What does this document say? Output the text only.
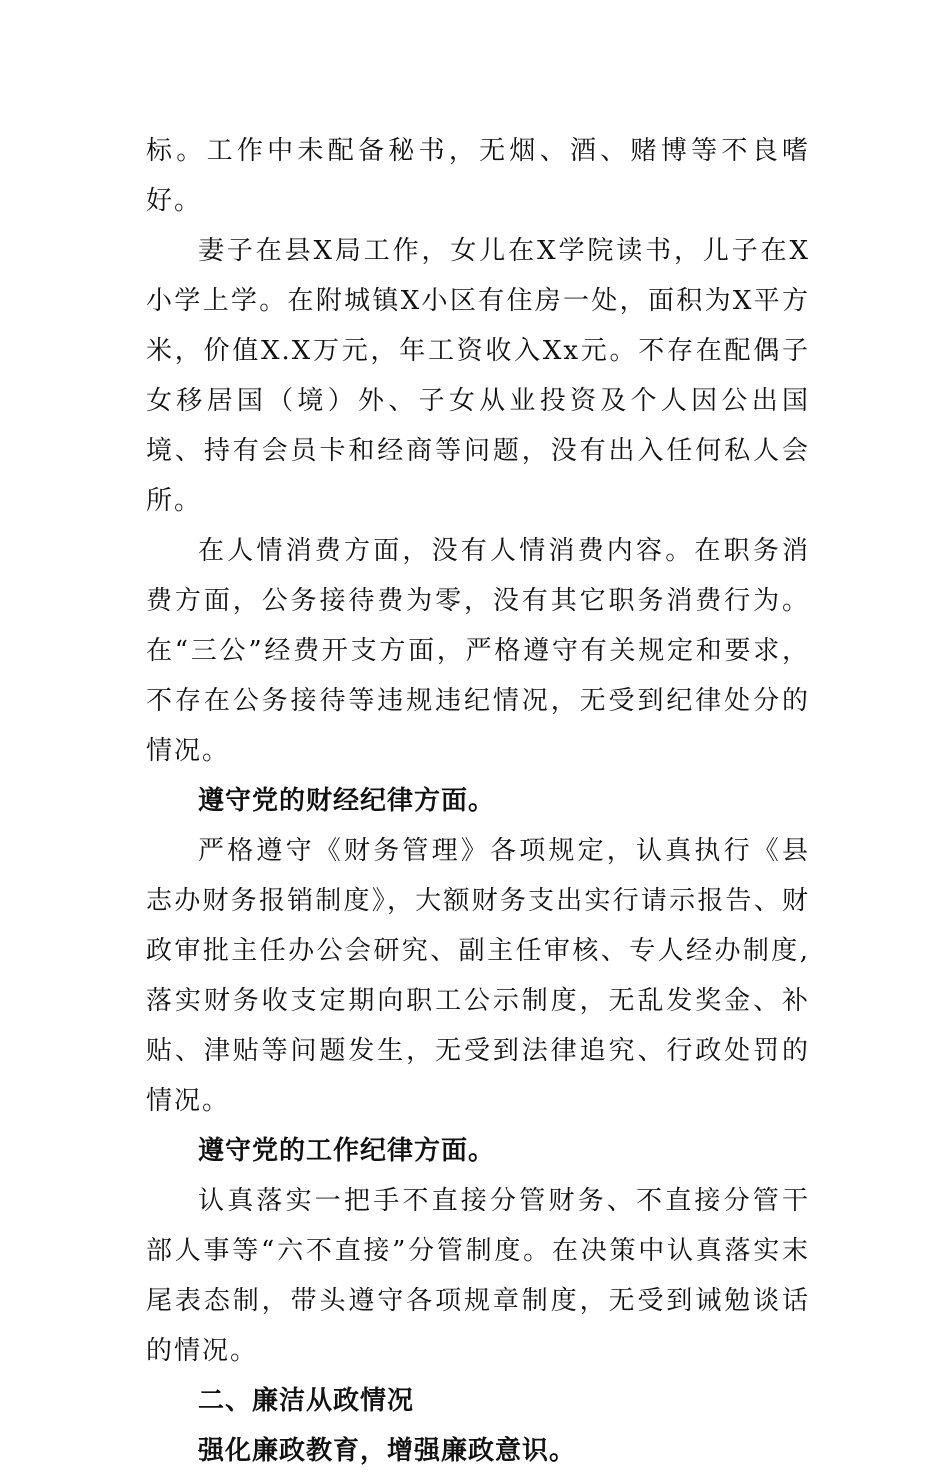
标。工作中未配备秘书，无烟、酒、赌博等不良嗜好。

妻子在县X局工作，女儿在X学院读书，儿子在X小学上学。在附城镇X小区有住房一处，面积为X平方米，价值X.X万元，年工资收入Xx元。不存在配偶子女移居国（境）外、子女从业投资及个人因公出国境、持有会员卡和经商等问题，没有出入任何私人会所。

在人情消费方面，没有人情消费内容。在职务消费方面，公务接待费为零，没有其它职务消费行为。在“三公”经费开支方面，严格遵守有关规定和要求，不存在公务接待等违规违纪情况，无受到纪律处分的情况。

遵守党的财经纪律方面。

严格遵守《财务管理》各项规定，认真执行《县志办财务报销制度》，大额财务支出实行请示报告、财政审批主任办公会研究、副主任审核、专人经办制度,落实财务收支定期向职工公示制度，无乱发奖金、补贴、津贴等问题发生，无受到法律追究、行政处罚的情况。

遵守党的工作纪律方面。

认真落实一把手不直接分管财务、不直接分管干部人事等“六不直接”分管制度。在决策中认真落实末尾表态制，带头遵守各项规章制度，无受到诫勉谈话的情况。

二、廉洁从政情况

强化廉政教育，增强廉政意识。
